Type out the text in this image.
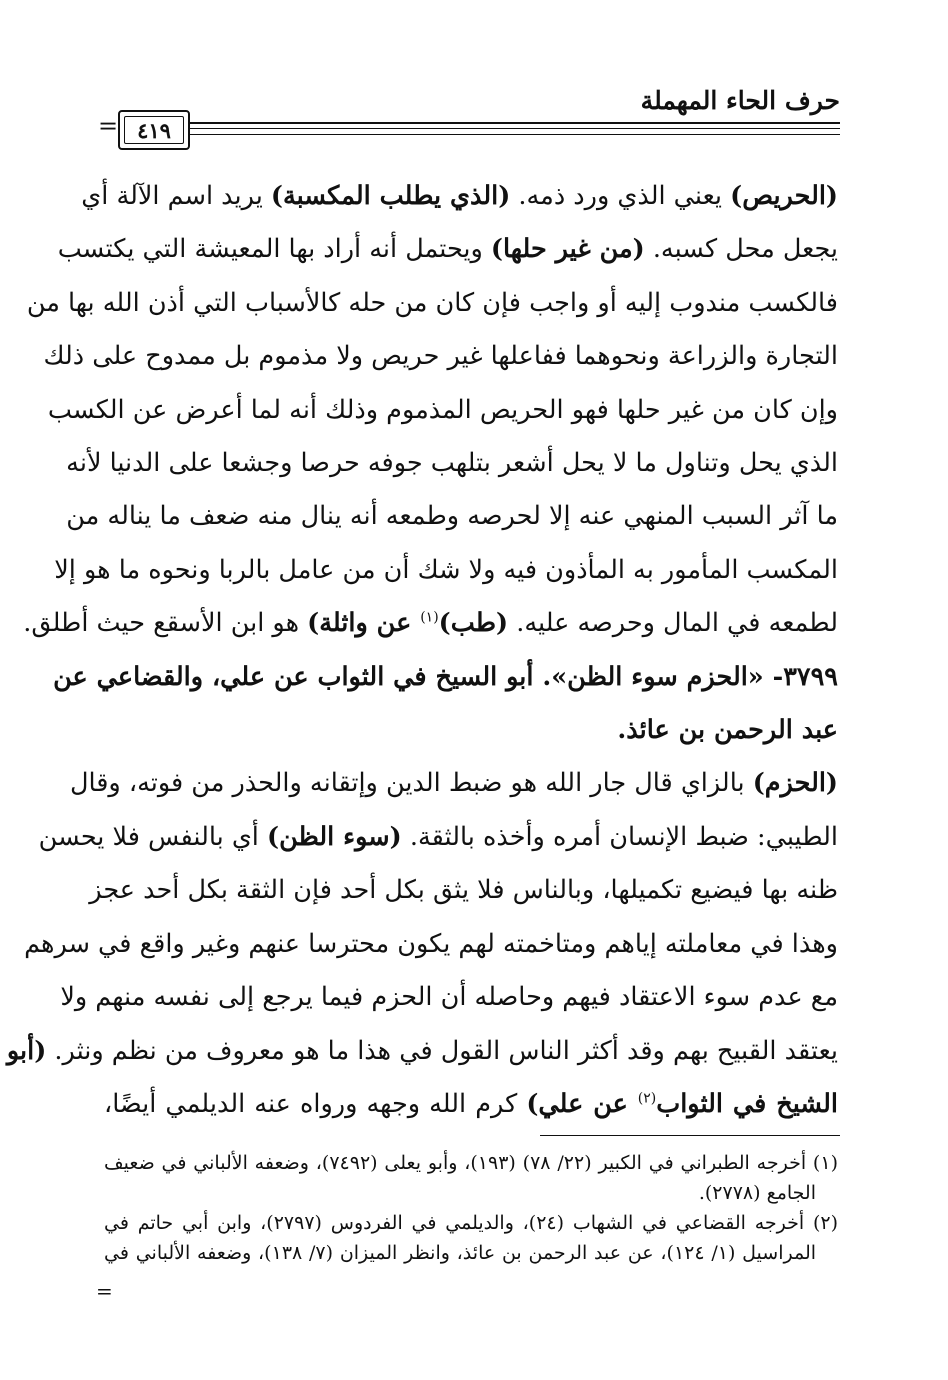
حرف الحاء المهملة
٤١٩
=

(الحريص) يعني الذي ورد ذمه. (الذي يطلب المكسبة) يريد اسم الآلة أي
يجعل محل كسبه. (من غير حلها) ويحتمل أنه أراد بها المعيشة التي يكتسب
فالكسب مندوب إليه أو واجب فإن كان من حله كالأسباب التي أذن الله بها من
التجارة والزراعة ونحوهما ففاعلها غير حريص ولا مذموم بل ممدوح على ذلك
وإن كان من غير حلها فهو الحريص المذموم وذلك أنه لما أعرض عن الكسب
الذي يحل وتناول ما لا يحل أشعر بتلهب جوفه حرصا وجشعا على الدنيا لأنه
ما آثر السبب المنهي عنه إلا لحرصه وطمعه أنه ينال منه ضعف ما يناله من
المكسب المأمور به المأذون فيه ولا شك أن من عامل بالربا ونحوه ما هو إلا
لطمعه في المال وحرصه عليه. (طب)$^{(١)}$ عن واثلة) هو ابن الأسقع حيث أطلق.

٣٧٩٩- «الحزم سوء الظن». أبو السيخ في الثواب عن علي، والقضاعي عن
عبد الرحمن بن عائذ.

(الحزم) بالزاي قال جار الله هو ضبط الدين وإتقانه والحذر من فوته، وقال
الطيبي: ضبط الإنسان أمره وأخذه بالثقة. (سوء الظن) أي بالنفس فلا يحسن
ظنه بها فيضيع تكميلها، وبالناس فلا يثق بكل أحد فإن الثقة بكل أحد عجز
وهذا في معاملته إياهم ومتاخمته لهم يكون محترسا عنهم وغير واقع في سرهم
مع عدم سوء الاعتقاد فيهم وحاصله أن الحزم فيما يرجع إلى نفسه منهم ولا
يعتقد القبيح بهم وقد أكثر الناس القول في هذا ما هو معروف من نظم ونثر. (أبو
الشيخ في الثواب$^{(٢)}$ عن علي) كرم الله وجهه ورواه عنه الديلمي أيضًا،

(١) أخرجه الطبراني في الكبير (٢٢/ ٧٨) (١٩٣)، وأبو يعلى (٧٤٩٢)، وضعفه الألباني في ضعيف
الجامع (٢٧٧٨).
(٢) أخرجه القضاعي في الشهاب (٢٤)، والديلمي في الفردوس (٢٧٩٧)، وابن أبي حاتم في
المراسيل (١/ ١٢٤)، عن عبد الرحمن بن عائذ، وانظر الميزان (٧/ ١٣٨)، وضعفه الألباني في
=
